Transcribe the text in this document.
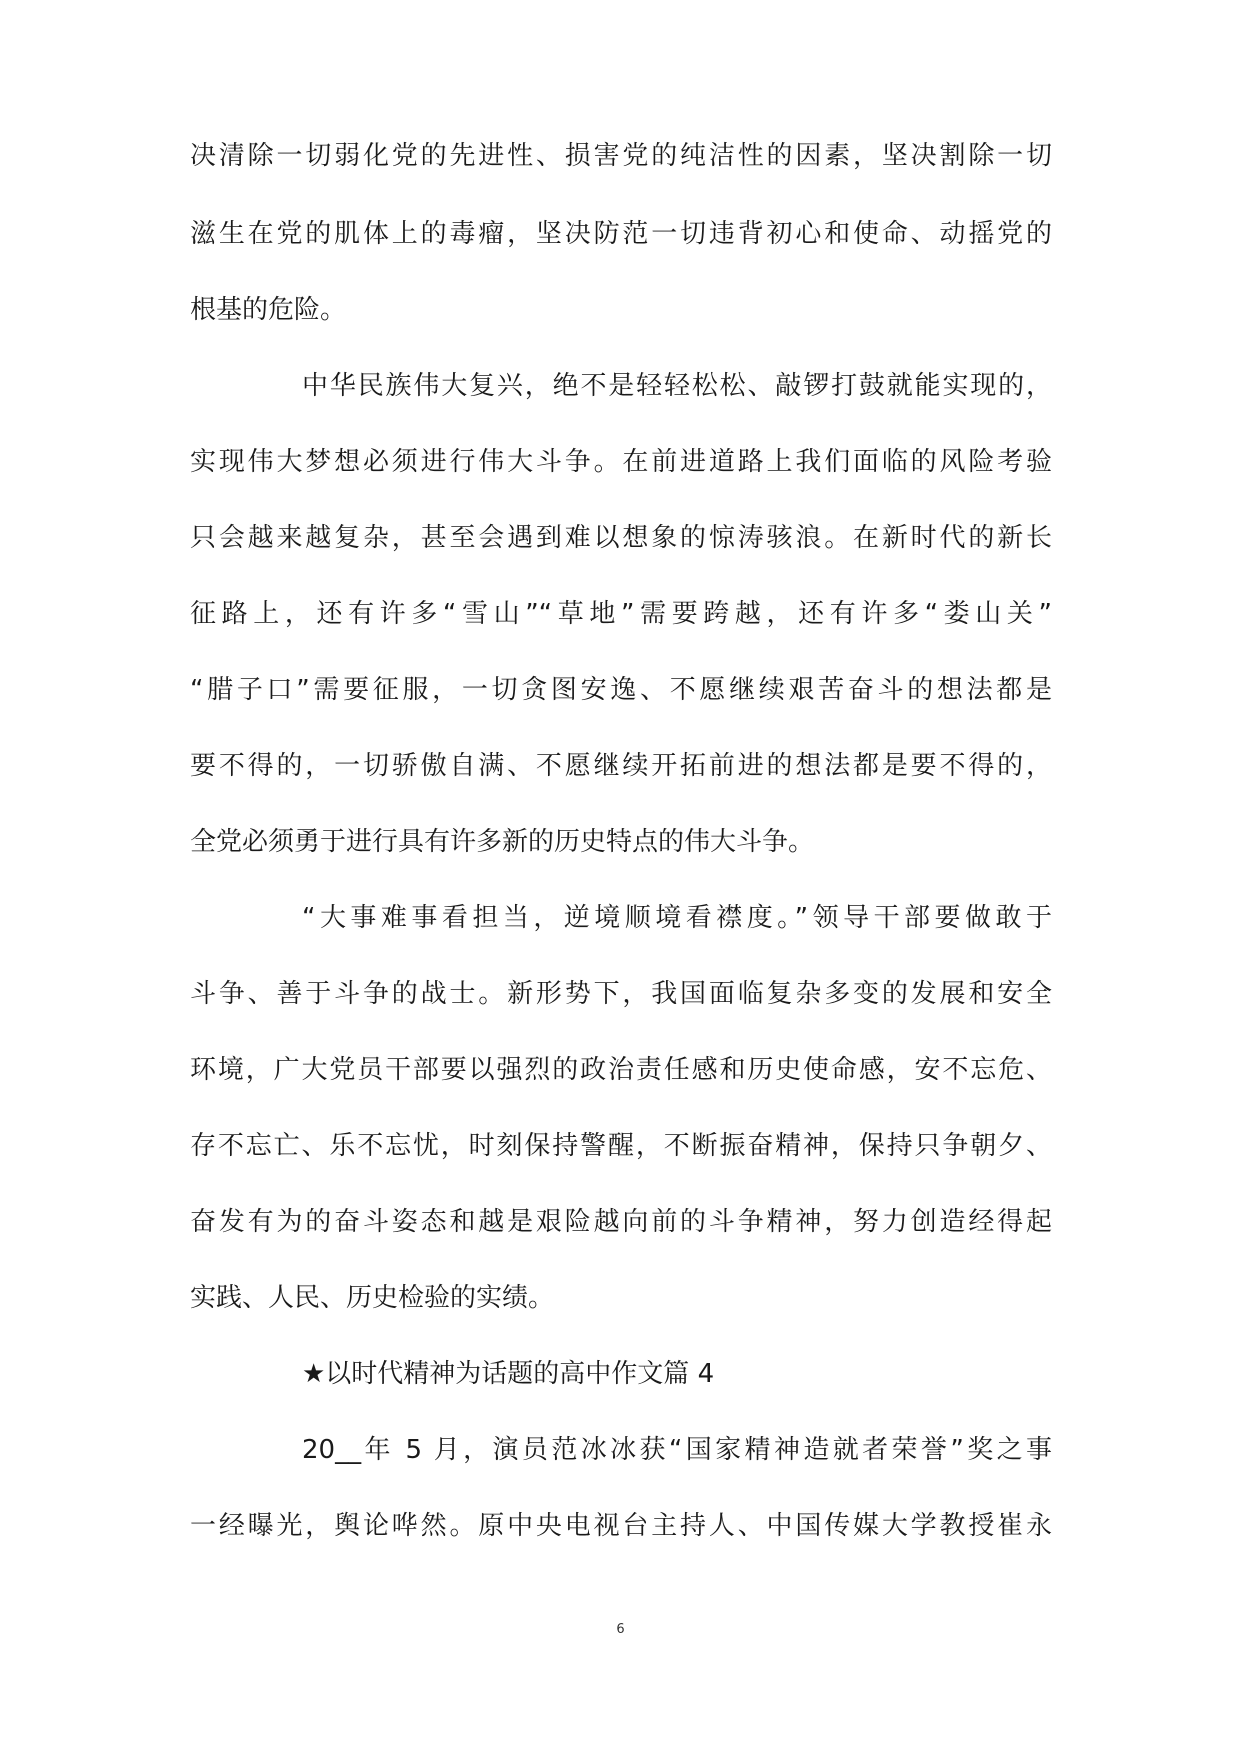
决清除一切弱化党的先进性、损害党的纯洁性的因素，坚决割除一切
滋生在党的肌体上的毒瘤，坚决防范一切违背初心和使命、动摇党的
根基的危险。
中华民族伟大复兴，绝不是轻轻松松、敲锣打鼓就能实现的，
实现伟大梦想必须进行伟大斗争。在前进道路上我们面临的风险考验
只会越来越复杂，甚至会遇到难以想象的惊涛骇浪。在新时代的新长
征路上，还有许多“雪山”“草地”需要跨越，还有许多“娄山关”
“腊子口”需要征服，一切贪图安逸、不愿继续艰苦奋斗的想法都是
要不得的，一切骄傲自满、不愿继续开拓前进的想法都是要不得的，
全党必须勇于进行具有许多新的历史特点的伟大斗争。
“大事难事看担当，逆境顺境看襟度。”领导干部要做敢于
斗争、善于斗争的战士。新形势下，我国面临复杂多变的发展和安全
环境，广大党员干部要以强烈的政治责任感和历史使命感，安不忘危、
存不忘亡、乐不忘忧，时刻保持警醒，不断振奋精神，保持只争朝夕、
奋发有为的奋斗姿态和越是艰险越向前的斗争精神，努力创造经得起
实践、人民、历史检验的实绩。
★以时代精神为话题的高中作文篇 4
20__年 5 月，演员范冰冰获“国家精神造就者荣誉”奖之事
一经曝光，舆论哗然。原中央电视台主持人、中国传媒大学教授崔永
6
